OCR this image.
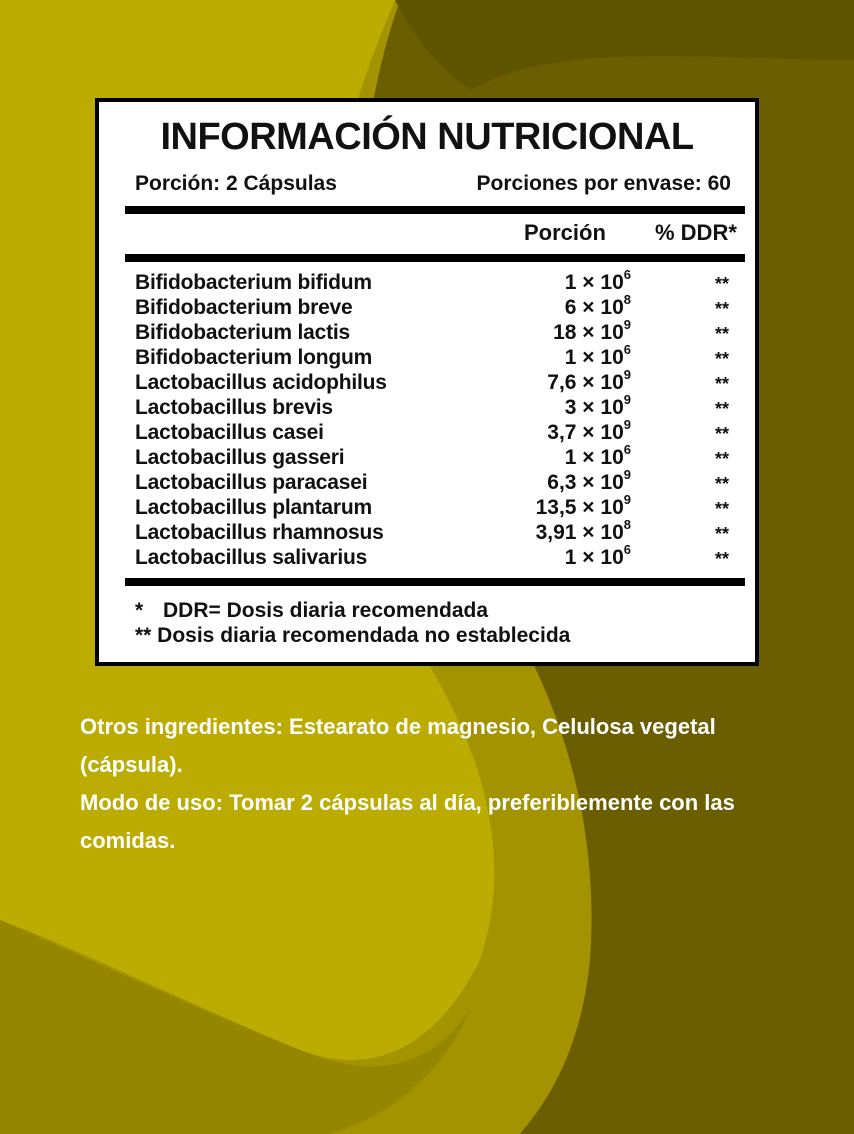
INFORMACIÓN NUTRICIONAL
Porción: 2 Cápsulas	Porciones por envase: 60
Porción % DDR*
Bifidobacterium bifidum	$1 \times 10^6$	**
Bifidobacterium breve	$6 \times 10^8$	**
Bifidobacterium lactis	$18 \times 10^9$	**
Bifidobacterium longum	$1 \times 10^6$	**
Lactobacillus acidophilus	$7,6 \times 10^9$	**
Lactobacillus brevis	$3 \times 10^9$	**
Lactobacillus casei	$3,7 \times 10^9$	**
Lactobacillus gasseri	$1 \times 10^6$	**
Lactobacillus paracasei	$6,3 \times 10^9$	**
Lactobacillus plantarum	$13,5 \times 10^9$	**
Lactobacillus rhamnosus	$3,91 \times 10^8$	**
Lactobacillus salivarius	$1 \times 10^6$	**
* DDR= Dosis diaria recomendada
** Dosis diaria recomendada no establecida
Otros ingredientes: Estearato de magnesio, Celulosa vegetal
(cápsula).
Modo de uso: Tomar 2 cápsulas al día, preferiblemente con las
comidas.
